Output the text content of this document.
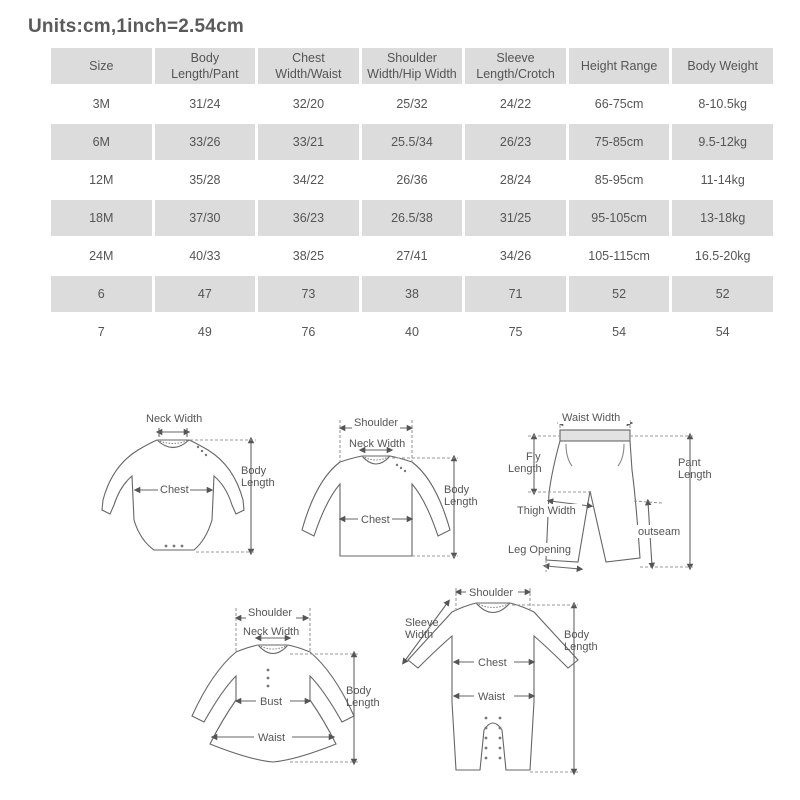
Units:cm,1inch=2.54cm
Size	Body Length/Pant	Chest Width/Waist	Shoulder Width/Hip Width	Sleeve Length/Crotch	Height Range	Body Weight
3M	31/24	32/20	25/32	24/22	66-75cm	8-10.5kg
6M	33/26	33/21	25.5/34	26/23	75-85cm	9.5-12kg
12M	35/28	34/22	26/36	28/24	85-95cm	11-14kg
18M	37/30	36/23	26.5/38	31/25	95-105cm	13-18kg
24M	40/33	38/25	27/41	34/26	105-115cm	16.5-20kg
6	47	73	38	71	52	52
7	49	76	40	75	54	54
Neck Width
Chest
Body
Length
Shoulder
Neck Width
Chest
Body
Length
Waist Width
Fly
Length	Pant
Length
Thigh Width
outseam
Leg Opening
Shoulder
Neck Width
Bust
Waist
Body
Length
Shoulder
Sleeve
Width
Chest
Waist
Body
Length
